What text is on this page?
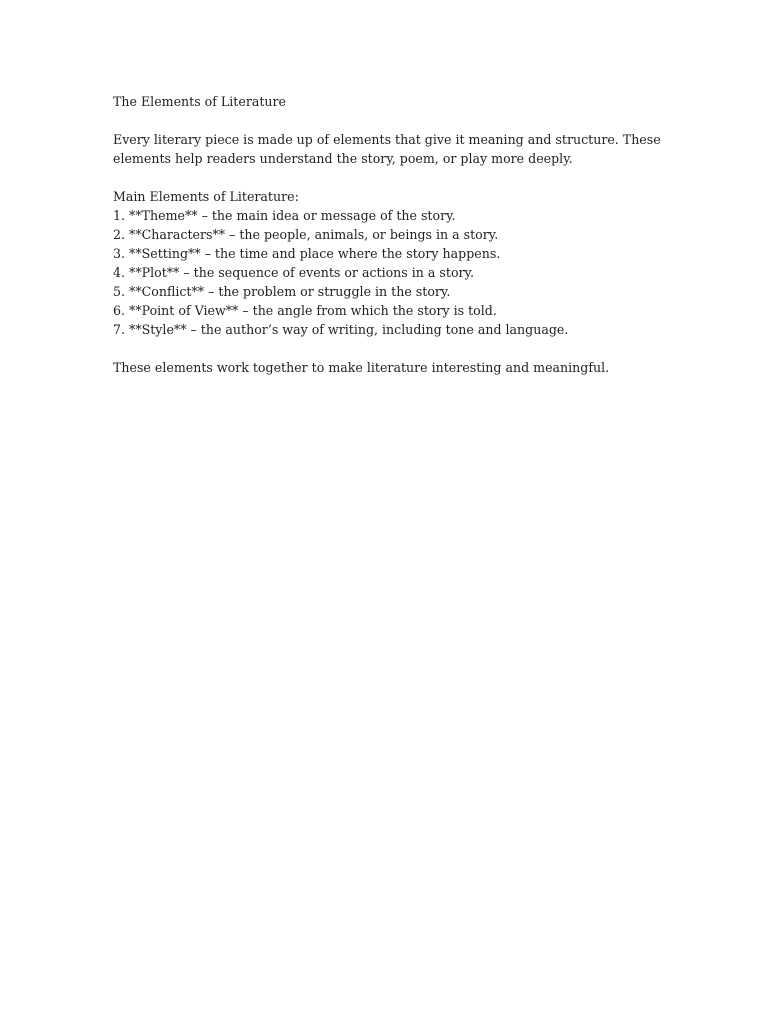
The Elements of Literature

Every literary piece is made up of elements that give it meaning and structure. These elements help readers understand the story, poem, or play more deeply.

Main Elements of Literature:

1. **Theme** – the main idea or message of the story.
2. **Characters** – the people, animals, or beings in a story.
3. **Setting** – the time and place where the story happens.
4. **Plot** – the sequence of events or actions in a story.
5. **Conflict** – the problem or struggle in the story.
6. **Point of View** – the angle from which the story is told.
7. **Style** – the author’s way of writing, including tone and language.

These elements work together to make literature interesting and meaningful.
